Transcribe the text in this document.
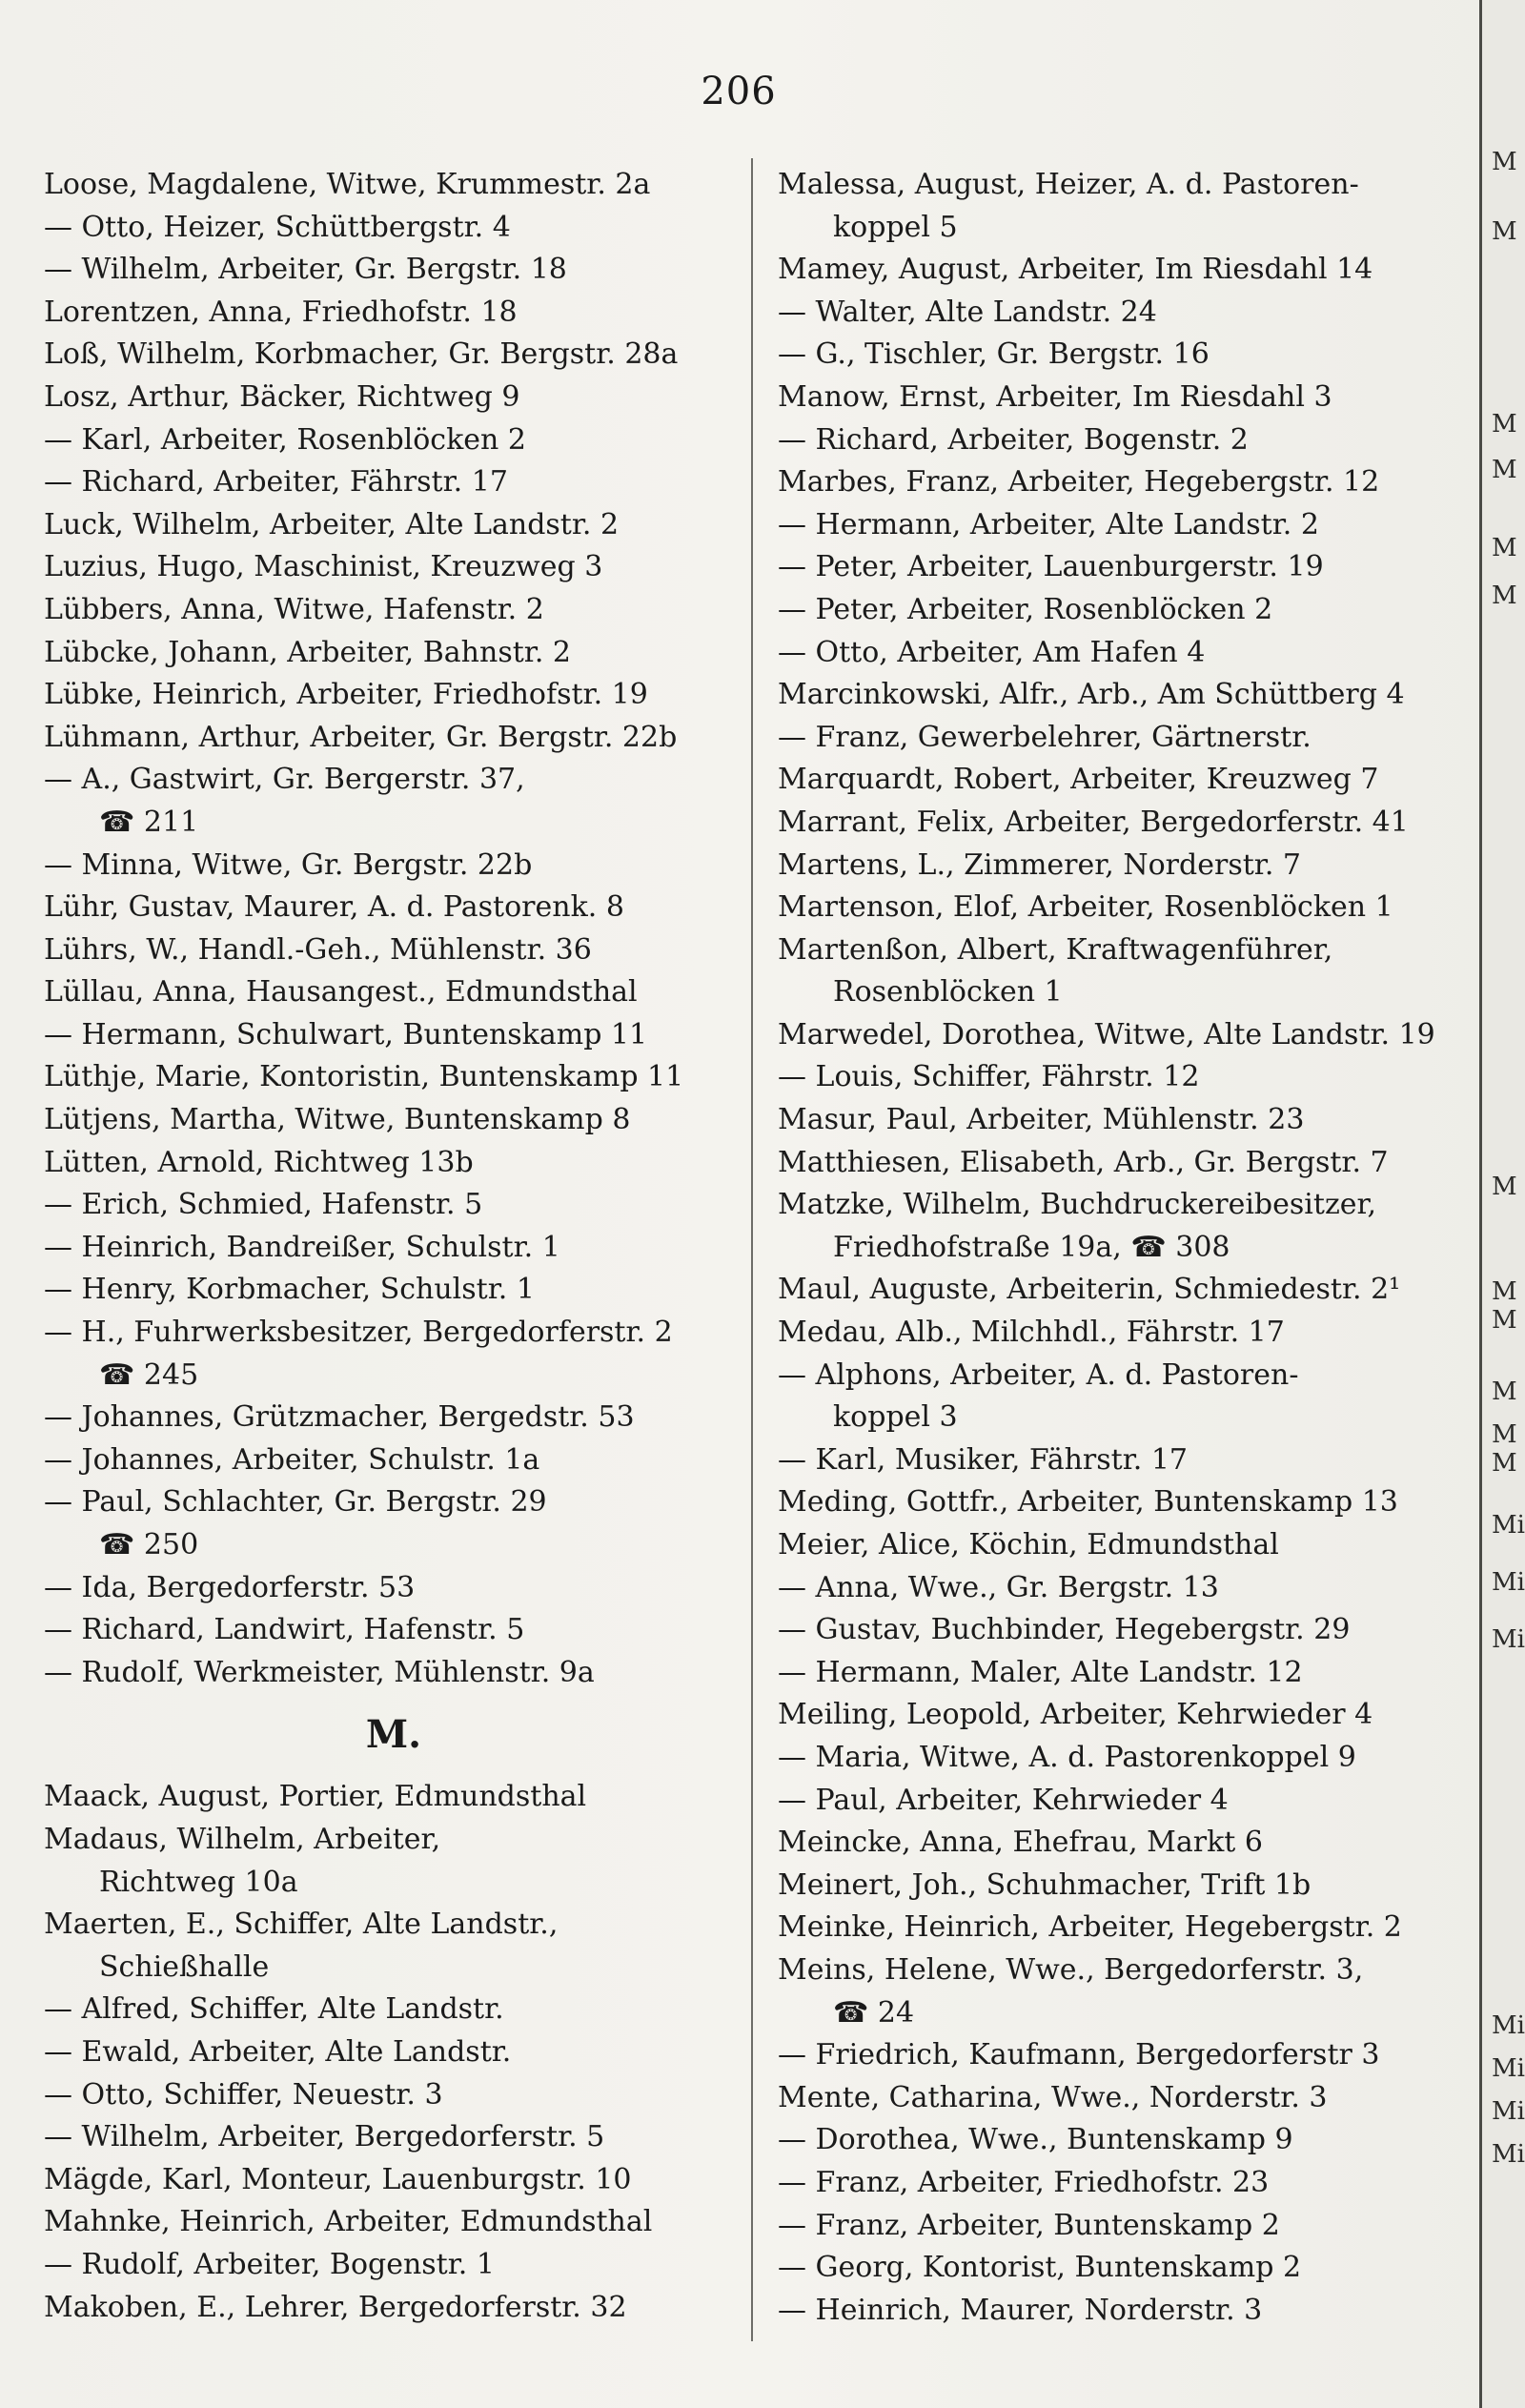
206
Loose, Magdalene, Witwe, Krummestr. 2a
— Otto, Heizer, Schüttbergstr. 4
— Wilhelm, Arbeiter, Gr. Bergstr. 18
Lorentzen, Anna, Friedhofstr. 18
Loß, Wilhelm, Korbmacher, Gr. Bergstr. 28a
Losz, Arthur, Bäcker, Richtweg 9
— Karl, Arbeiter, Rosenblöcken 2
— Richard, Arbeiter, Fährstr. 17
Luck, Wilhelm, Arbeiter, Alte Landstr. 2
Luzius, Hugo, Maschinist, Kreuzweg 3
Lübbers, Anna, Witwe, Hafenstr. 2
Lübcke, Johann, Arbeiter, Bahnstr. 2
Lübke, Heinrich, Arbeiter, Friedhofstr. 19
Lühmann, Arthur, Arbeiter, Gr. Bergstr. 22b
— A., Gastwirt, Gr. Bergerstr. 37,
☎ 211
— Minna, Witwe, Gr. Bergstr. 22b
Lühr, Gustav, Maurer, A. d. Pastorenk. 8
Lührs, W., Handl.-Geh., Mühlenstr. 36
Lüllau, Anna, Hausangest., Edmundsthal
— Hermann, Schulwart, Buntenskamp 11
Lüthje, Marie, Kontoristin, Buntenskamp 11
Lütjens, Martha, Witwe, Buntenskamp 8
Lütten, Arnold, Richtweg 13b
— Erich, Schmied, Hafenstr. 5
— Heinrich, Bandreißer, Schulstr. 1
— Henry, Korbmacher, Schulstr. 1
— H., Fuhrwerksbesitzer, Bergedorferstr. 2
☎ 245
— Johannes, Grützmacher, Bergedstr. 53
— Johannes, Arbeiter, Schulstr. 1a
— Paul, Schlachter, Gr. Bergstr. 29
☎ 250
— Ida, Bergedorferstr. 53
— Richard, Landwirt, Hafenstr. 5
— Rudolf, Werkmeister, Mühlenstr. 9a
M.
Maack, August, Portier, Edmundsthal
Madaus, Wilhelm, Arbeiter,
Richtweg 10a
Maerten, E., Schiffer, Alte Landstr.,
Schießhalle
— Alfred, Schiffer, Alte Landstr.
— Ewald, Arbeiter, Alte Landstr.
— Otto, Schiffer, Neuestr. 3
— Wilhelm, Arbeiter, Bergedorferstr. 5
Mägde, Karl, Monteur, Lauenburgstr. 10
Mahnke, Heinrich, Arbeiter, Edmundsthal
— Rudolf, Arbeiter, Bogenstr. 1
Makoben, E., Lehrer, Bergedorferstr. 32
Malessa, August, Heizer, A. d. Pastoren-
koppel 5
Mamey, August, Arbeiter, Im Riesdahl 14
— Walter, Alte Landstr. 24
— G., Tischler, Gr. Bergstr. 16
Manow, Ernst, Arbeiter, Im Riesdahl 3
— Richard, Arbeiter, Bogenstr. 2
Marbes, Franz, Arbeiter, Hegebergstr. 12
— Hermann, Arbeiter, Alte Landstr. 2
— Peter, Arbeiter, Lauenburgerstr. 19
— Peter, Arbeiter, Rosenblöcken 2
— Otto, Arbeiter, Am Hafen 4
Marcinkowski, Alfr., Arb., Am Schüttberg 4
— Franz, Gewerbelehrer, Gärtnerstr.
Marquardt, Robert, Arbeiter, Kreuzweg 7
Marrant, Felix, Arbeiter, Bergedorferstr. 41
Martens, L., Zimmerer, Norderstr. 7
Martenson, Elof, Arbeiter, Rosenblöcken 1
Martenßon, Albert, Kraftwagenführer,
Rosenblöcken 1
Marwedel, Dorothea, Witwe, Alte Landstr. 19
— Louis, Schiffer, Fährstr. 12
Masur, Paul, Arbeiter, Mühlenstr. 23
Matthiesen, Elisabeth, Arb., Gr. Bergstr. 7
Matzke, Wilhelm, Buchdruckereibesitzer,
Friedhofstraße 19a, ☎ 308
Maul, Auguste, Arbeiterin, Schmiedestr. 2¹
Medau, Alb., Milchhdl., Fährstr. 17
— Alphons, Arbeiter, A. d. Pastoren-
koppel 3
— Karl, Musiker, Fährstr. 17
Meding, Gottfr., Arbeiter, Buntenskamp 13
Meier, Alice, Köchin, Edmundsthal
— Anna, Wwe., Gr. Bergstr. 13
— Gustav, Buchbinder, Hegebergstr. 29
— Hermann, Maler, Alte Landstr. 12
Meiling, Leopold, Arbeiter, Kehrwieder 4
— Maria, Witwe, A. d. Pastorenkoppel 9
— Paul, Arbeiter, Kehrwieder 4
Meincke, Anna, Ehefrau, Markt 6
Meinert, Joh., Schuhmacher, Trift 1b
Meinke, Heinrich, Arbeiter, Hegebergstr. 2
Meins, Helene, Wwe., Bergedorferstr. 3,
☎ 24
— Friedrich, Kaufmann, Bergedorferstr 3
Mente, Catharina, Wwe., Norderstr. 3
— Dorothea, Wwe., Buntenskamp 9
— Franz, Arbeiter, Friedhofstr. 23
— Franz, Arbeiter, Buntenskamp 2
— Georg, Kontorist, Buntenskamp 2
— Heinrich, Maurer, Norderstr. 3
M
M
M
M
M
M
M
M
M
M
M
M
Mi
Mi
Mi
Mi
Mi
Mi
Mi
